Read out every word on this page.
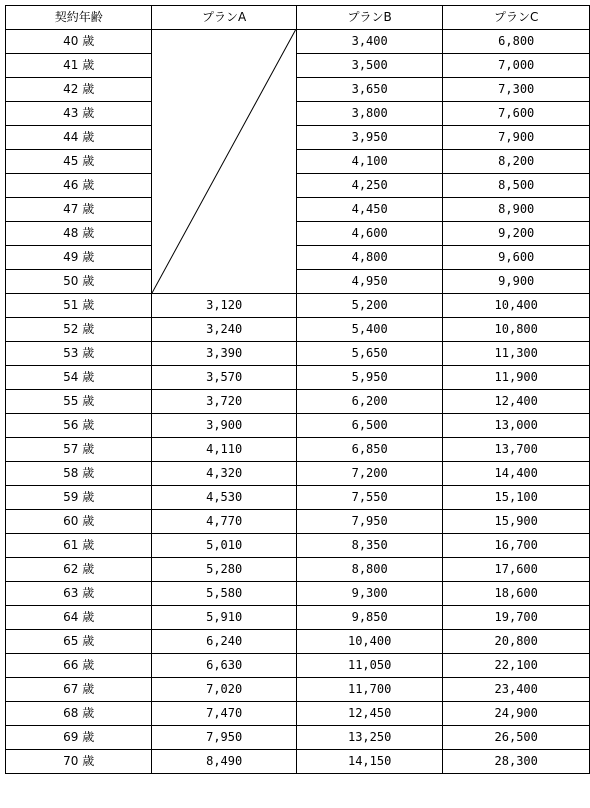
契約年齢	プランA	プランB	プランC
40 歳		3,400	6,800
41 歳		3,500	7,000
42 歳		3,650	7,300
43 歳		3,800	7,600
44 歳		3,950	7,900
45 歳		4,100	8,200
46 歳		4,250	8,500
47 歳		4,450	8,900
48 歳		4,600	9,200
49 歳		4,800	9,600
50 歳		4,950	9,900
51 歳	3,120	5,200	10,400
52 歳	3,240	5,400	10,800
53 歳	3,390	5,650	11,300
54 歳	3,570	5,950	11,900
55 歳	3,720	6,200	12,400
56 歳	3,900	6,500	13,000
57 歳	4,110	6,850	13,700
58 歳	4,320	7,200	14,400
59 歳	4,530	7,550	15,100
60 歳	4,770	7,950	15,900
61 歳	5,010	8,350	16,700
62 歳	5,280	8,800	17,600
63 歳	5,580	9,300	18,600
64 歳	5,910	9,850	19,700
65 歳	6,240	10,400	20,800
66 歳	6,630	11,050	22,100
67 歳	7,020	11,700	23,400
68 歳	7,470	12,450	24,900
69 歳	7,950	13,250	26,500
70 歳	8,490	14,150	28,300
